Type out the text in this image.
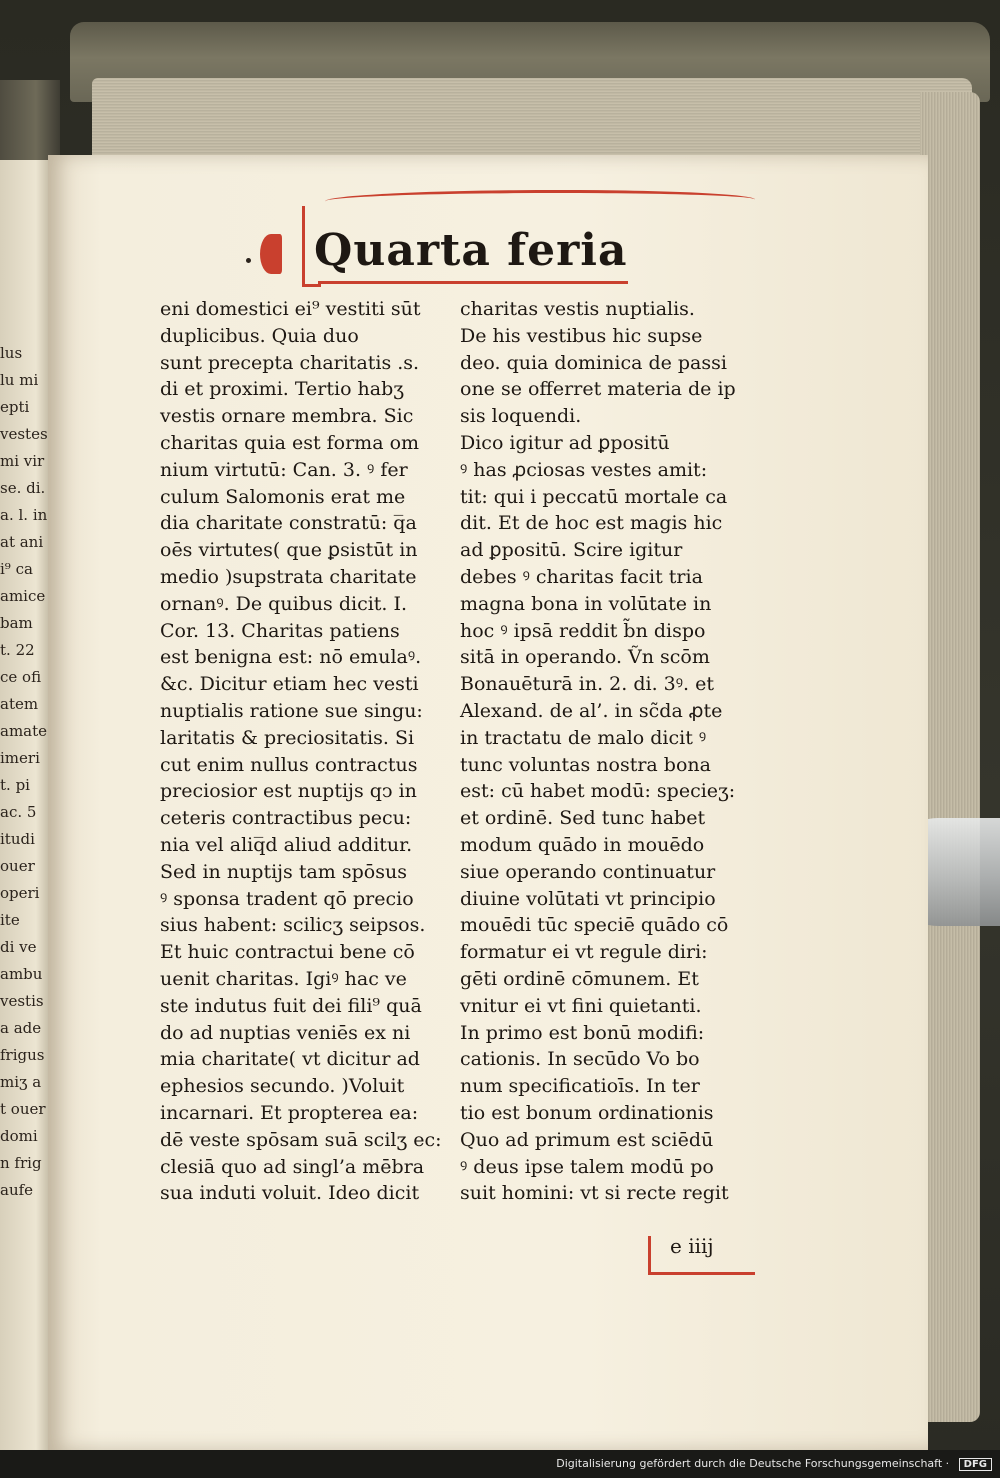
lus
lu mi
epti
vestes
mi vir
se. di.
a. l. in
at ani
i⁹ ca
amice
bam
t. 22
ce ofi
atem
amate
imeri
t. pi
ac. 5
itudi
ouer
operi
ite
di ve
ambu
vestis
a ade
frigus
miʒ a
t ouer
domi
n frig
aufe
Quarta feria
eni domestici ei⁹ vestiti sūt
duplicibus. Quia duo
sunt precepta charitatis .s.
di et proximi. Tertio habʒ
vestis ornare membra. Sic
charitas quia est forma om
nium virtutū: Can. 3. ꝰ fer
culum Salomonis erat me
dia charitate constratū: q̅a
oēs virtutes( que ꝑsistūt in
medio )supstrata charitate
ornanꝰ. De quibus dicit. I.
Cor. 13. Charitas patiens
est benigna est: nō emulaꝰ.
&c. Dicitur etiam hec vesti
nuptialis ratione sue singu:
laritatis & preciositatis. Si
cut enim nullus contractus
preciosior est nuptijs qↄ in
ceteris contractibus pecu:
nia vel aliq̅d aliud additur.
Sed in nuptijs tam spōsus
ꝰ sponsa tradent qō precio
sius habent: scilicʒ seipsos.
Et huic contractui bene cō
uenit charitas. Igiꝰ hac ve
ste indutus fuit dei fili⁹ quā
do ad nuptias veniēs ex ni
mia charitate( vt dicitur ad
ephesios secundo. )Voluit
incarnari. Et propterea ea:
dē veste spōsam suā scilʒ ec:
clesiā quo ad singl’a mēbra
sua induti voluit. Ideo dicit
charitas vestis nuptialis.
De his vestibus hic supse
deo. quia dominica de passi
one se offerret materia de ip
sis loquendi.
Dico igitur ad ꝑpositū
ꝰ has ꝓciosas vestes amit:
tit: qui i peccatū mortale ca
dit. Et de hoc est magis hic
ad ꝑpositū. Scire igitur
debes ꝰ charitas facit tria
magna bona in volūtate in
hoc ꝰ ipsā reddit b̃n dispo
sitā in operando. Ṽn scōm
Bonauēturā in. 2. di. 3ꝰ. et
Alexand. de al’. in sc̃da ꝓte
in tractatu de malo dicit ꝰ
tunc voluntas nostra bona
est: cū habet modū: specieʒ:
et ordinē. Sed tunc habet
modum quādo in mouēdo
siue operando continuatur
diuine volūtati vt principio
mouēdi tūc speciē quādo cō
formatur ei vt regule diri:
gēti ordinē cōmunem. Et
vnitur ei vt fini quietanti.
In primo est bonū modifi:
cationis. In secūdo Vo bo
num specificatioīs. In ter
tio est bonum ordinationis
Quo ad primum est sciēdū
ꝰ deus ipse talem modū po
suit homini: vt si recte regit
e iiij
Digitalisierung gefördert durch die Deutsche Forschungsgemeinschaft · DFG
